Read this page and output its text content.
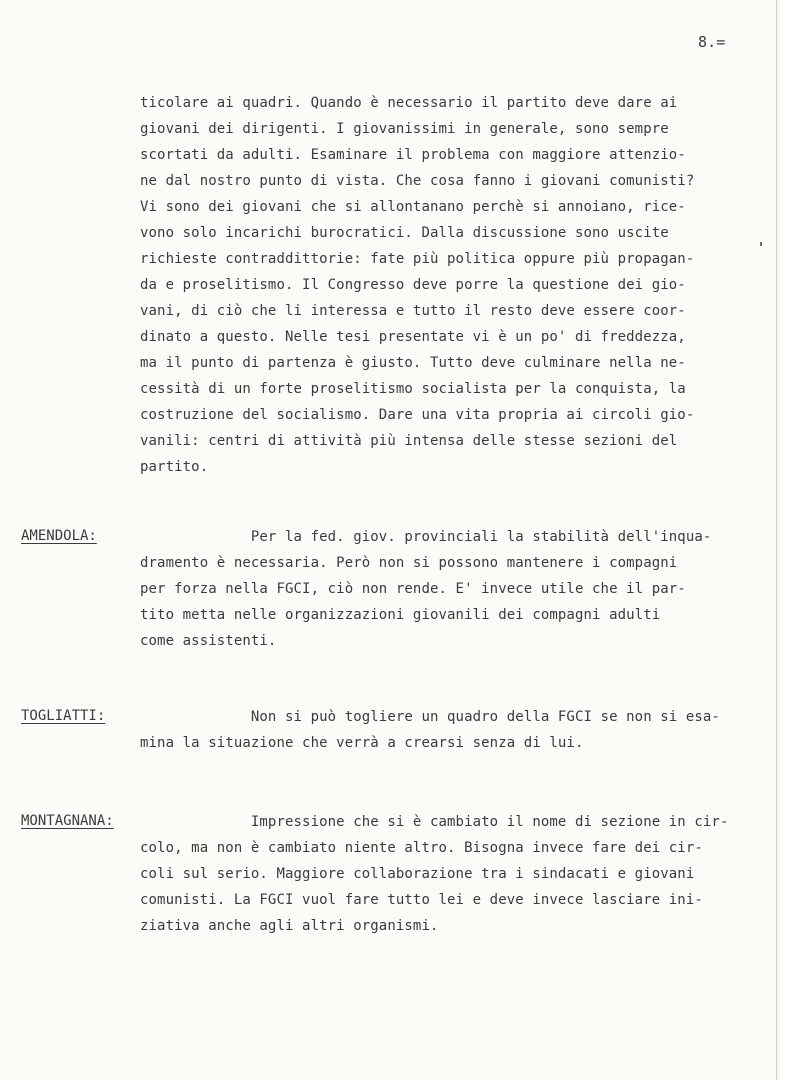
8.=
ticolare ai quadri. Quando è necessario il partito deve dare ai
giovani dei dirigenti. I giovanissimi in generale, sono sempre
scortati da adulti. Esaminare il problema con maggiore attenzio-
ne dal nostro punto di vista. Che cosa fanno i giovani comunisti?
Vi sono dei giovani che si allontanano perchè si annoiano, rice-
vono solo incarichi burocratici. Dalla discussione sono uscite
richieste contraddittorie: fate più politica oppure più propagan-
da e proselitismo. Il Congresso deve porre la questione dei gio-
vani, di ciò che li interessa e tutto il resto deve essere coor-
dinato a questo. Nelle tesi presentate vi è un po' di freddezza,
ma il punto di partenza è giusto. Tutto deve culminare nella ne-
cessità di un forte proselitismo socialista per la conquista, la
costruzione del socialismo. Dare una vita propria ai circoli gio-
vanili: centri di attività più intensa delle stesse sezioni del
partito.
AMENDOLA:	Per la fed. giov. provinciali la stabilità dell'inqua-
dramento è necessaria. Però non si possono mantenere i compagni
per forza nella FGCI, ciò non rende. E' invece utile che il par-
tito metta nelle organizzazioni giovanili dei compagni adulti
come assistenti.
TOGLIATTI: Non si può togliere un quadro della FGCI se non si esa-
mina la situazione che verrà a crearsi senza di lui.
MONTAGNANA: Impressione che si è cambiato il nome di sezione in cir-
colo, ma non è cambiato niente altro. Bisogna invece fare dei cir-
coli sul serio. Maggiore collaborazione tra i sindacati e giovani
comunisti. La FGCI vuol fare tutto lei e deve invece lasciare ini-
ziativa anche agli altri organismi.
